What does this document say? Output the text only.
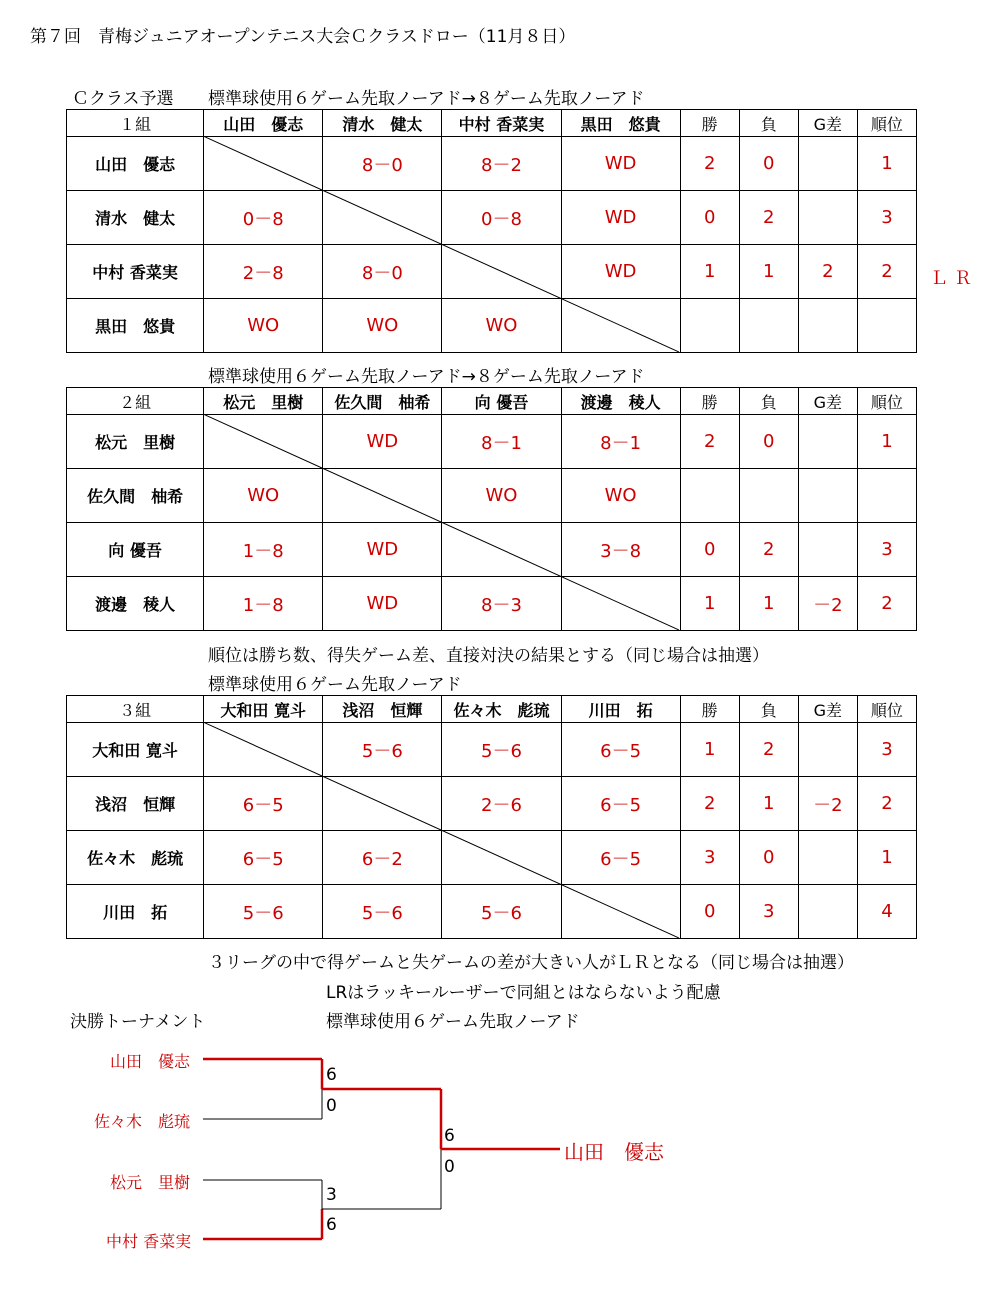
第７回　青梅ジュニアオープンテニス大会Ｃクラスドロー（11月８日）
Ｃクラス予選 標準球使用６ゲーム先取ノーアド→８ゲーム先取ノーアド
１組	山田　優志	清水　健太	中村 香菜実	黒田　悠貴	勝	負	G差	順位
山田　優志		8－0	8－2	WD	2	0		1
清水　健太	0－8		0－8	WD	0	2		3
中村 香菜実	2－8	8－0		WD	1	1	2	2
黒田　悠貴	WO	WO	WO					
ＬＲ
標準球使用６ゲーム先取ノーアド→８ゲーム先取ノーアド
２組	松元　里樹	佐久間　柚希	向 優吾	渡邊　稜人	勝	負	G差	順位
松元　里樹		WD	8－1	8－1	2	0		1
佐久間　柚希	WO		WO	WO				
向 優吾	1－8	WD		3－8	0	2		3
渡邊　稜人	1－8	WD	8－3		1	1	－2	2
順位は勝ち数、得失ゲーム差、直接対決の結果とする（同じ場合は抽選）
標準球使用６ゲーム先取ノーアド
３組	大和田 寛斗	浅沼　恒輝	佐々木　彪琉	川田　拓	勝	負	G差	順位
大和田 寛斗		5－6	5－6	6－5	1	2		3
浅沼　恒輝	6－5		2－6	6－5	2	1	－2	2
佐々木　彪琉	6－5	6－2		6－5	3	0		1
川田　拓	5－6	5－6	5－6		0	3		4
３リーグの中で得ゲームと失ゲームの差が大きい人がＬＲとなる（同じ場合は抽選）
LRはラッキールーザーで同組とはならないよう配慮
決勝トーナメント	標準球使用６ゲーム先取ノーアド
山田　優志
佐々木　彪琉
松元　里樹
中村 香菜実
6
0
3
6
6
0
山田　優志
